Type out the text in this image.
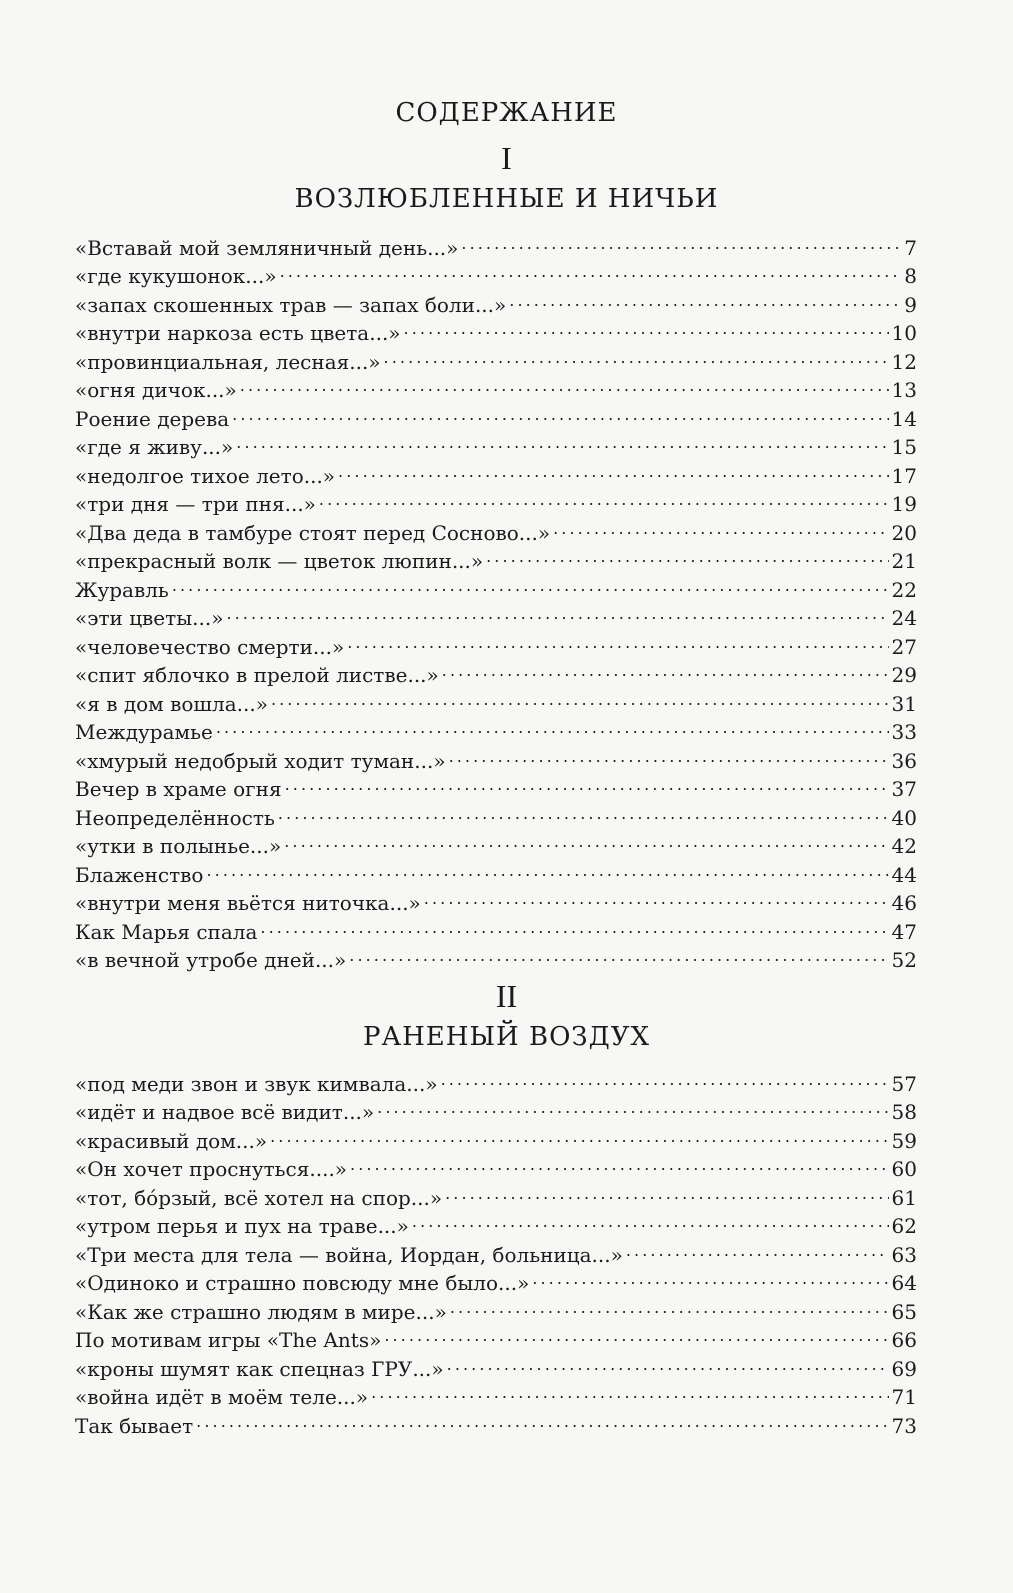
СОДЕРЖАНИЕ
I
ВОЗЛЮБЛЕННЫЕ И НИЧЬИ
«Вставай мой земляничный день...» . . .	7
«где кукушонок...» . . .	8
«запах скошенных трав — запах боли...» . . .	9
«внутри наркоза есть цвета...» . . .	10
«провинциальная, лесная...» . . .	12
«огня дичок...» . . .	13
Роение дерева . . .	14
«где я живу...» . . .	15
«недолгое тихое лето...» . . .	17
«три дня — три пня...» . . .	19
«Два деда в тамбуре стоят перед Сосново...» . . .	20
«прекрасный волк — цветок люпин...» . . .	21
Журавль . . .	22
«эти цветы...» . . .	24
«человечество смерти...» . . .	27
«спит яблочко в прелой листве...» . . .	29
«я в дом вошла...» . . .	31
Междурамье . . .	33
«хмурый недобрый ходит туман...» . . .	36
Вечер в храме огня . . .	37
Неопределённость . . .	40
«утки в полынье...» . . .	42
Блаженство . . .	44
«внутри меня вьётся ниточка...» . . .	46
Как Марья спала . . .	47
«в вечной утробе дней...» . . .	52
II
РАНЕНЫЙ ВОЗДУХ
«под меди звон и звук кимвала...» . . .	57
«идёт и надвое всё видит...» . . .	58
«красивый дом...» . . .	59
«Он хочет проснуться....» . . .	60
«тот, бóрзый, всё хотел на спор...» . . .	61
«утром перья и пух на траве...» . . .	62
«Три места для тела — война, Иордан, больница...» . . .	63
«Одиноко и страшно повсюду мне было...» . . .	64
«Как же страшно людям в мире...» . . .	65
По мотивам игры «The Ants» . . .	66
«кроны шумят как спецназ ГРУ...» . . .	69
«война идёт в моём теле...» . . .	71
Так бывает . . .	73
